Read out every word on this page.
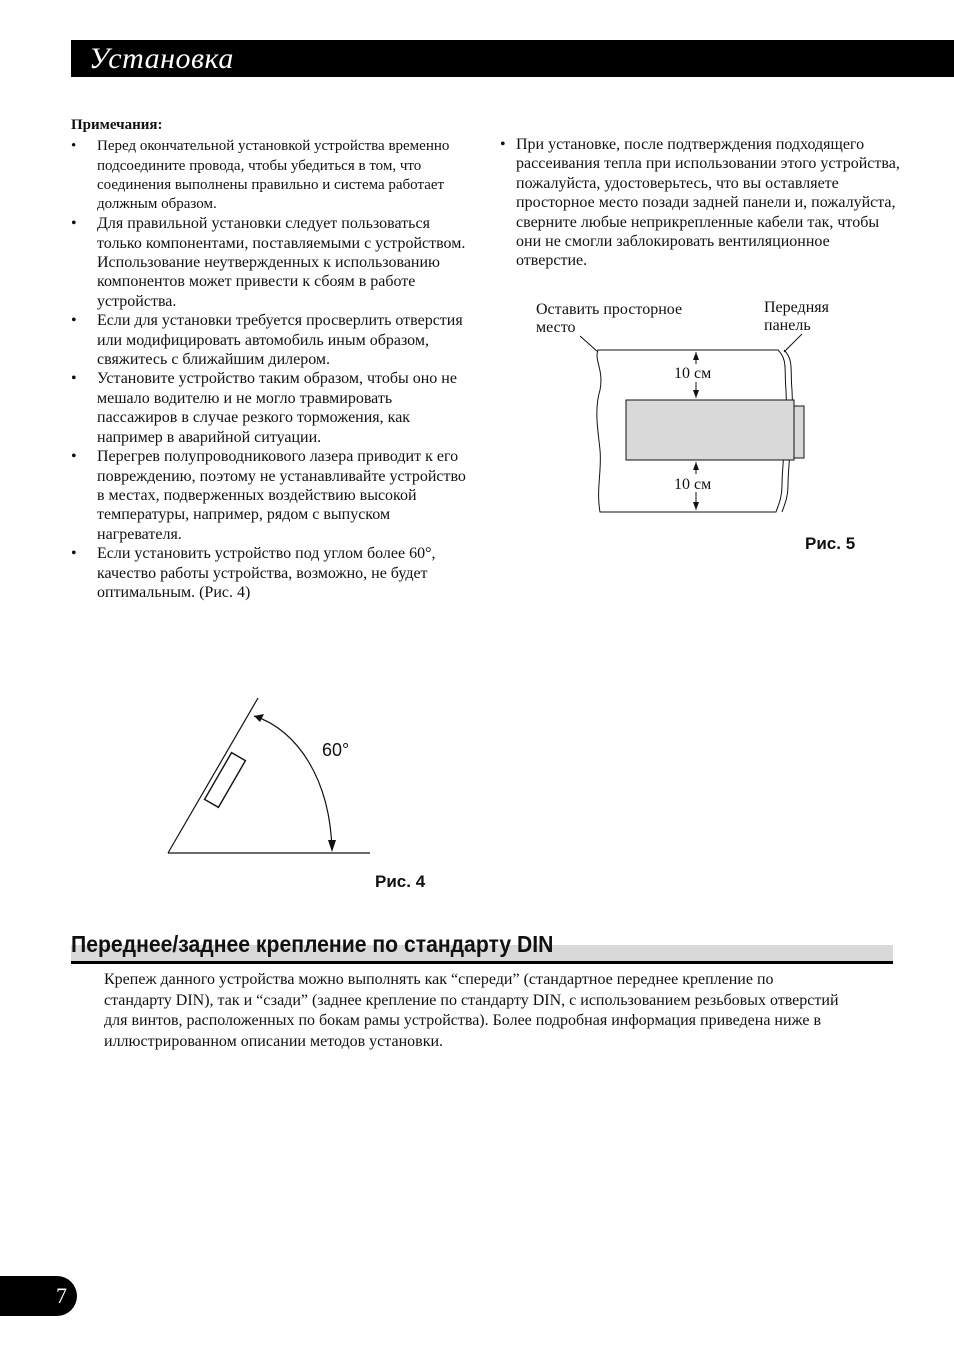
Установка

Примечания:

• Перед окончательной установкой устройства временно подсоедините провода, чтобы убедиться в том, что соединения выполнены правильно и система работает должным образом.
• Для правильной установки следует пользоваться только компонентами, поставляемыми с устройством. Использование неутвержденных к использованию компонентов может привести к сбоям в работе устройства.
• Если для установки требуется просверлить отверстия или модифицировать автомобиль иным образом, свяжитесь с ближайшим дилером.
• Установите устройство таким образом, чтобы оно не мешало водителю и не могло травмировать пассажиров в случае резкого торможения, как например в аварийной ситуации.
• Перегрев полупроводникового лазера приводит к его повреждению, поэтому не устанавливайте устройство в местах, подверженных воздействию высокой температуры, например, рядом с выпуском нагревателя.
• Если установить устройство под углом более 60°, качество работы устройства, возможно, не будет оптимальным. (Рис. 4)
• При установке, после подтверждения подходящего рассеивания тепла при использовании этого устройства, пожалуйста, удостоверьтесь, что вы оставляете просторное место позади задней панели и, пожалуйста, сверните любые неприкрепленные кабели так, чтобы они не смогли заблокировать вентиляционное отверстие.
Оставить просторное место
Передняя панель
10 см
10 см
Рис. 5
60°
Рис. 4
Переднее/заднее крепление по стандарту DIN
Крепеж данного устройства можно выполнять как “спереди” (стандартное переднее крепление по стандарту DIN), так и “сзади” (заднее крепление по стандарту DIN, с использованием резьбовых отверстий для винтов, расположенных по бокам рамы устройства). Более подробная информация приведена ниже в иллюстрированном описании методов установки.
7
